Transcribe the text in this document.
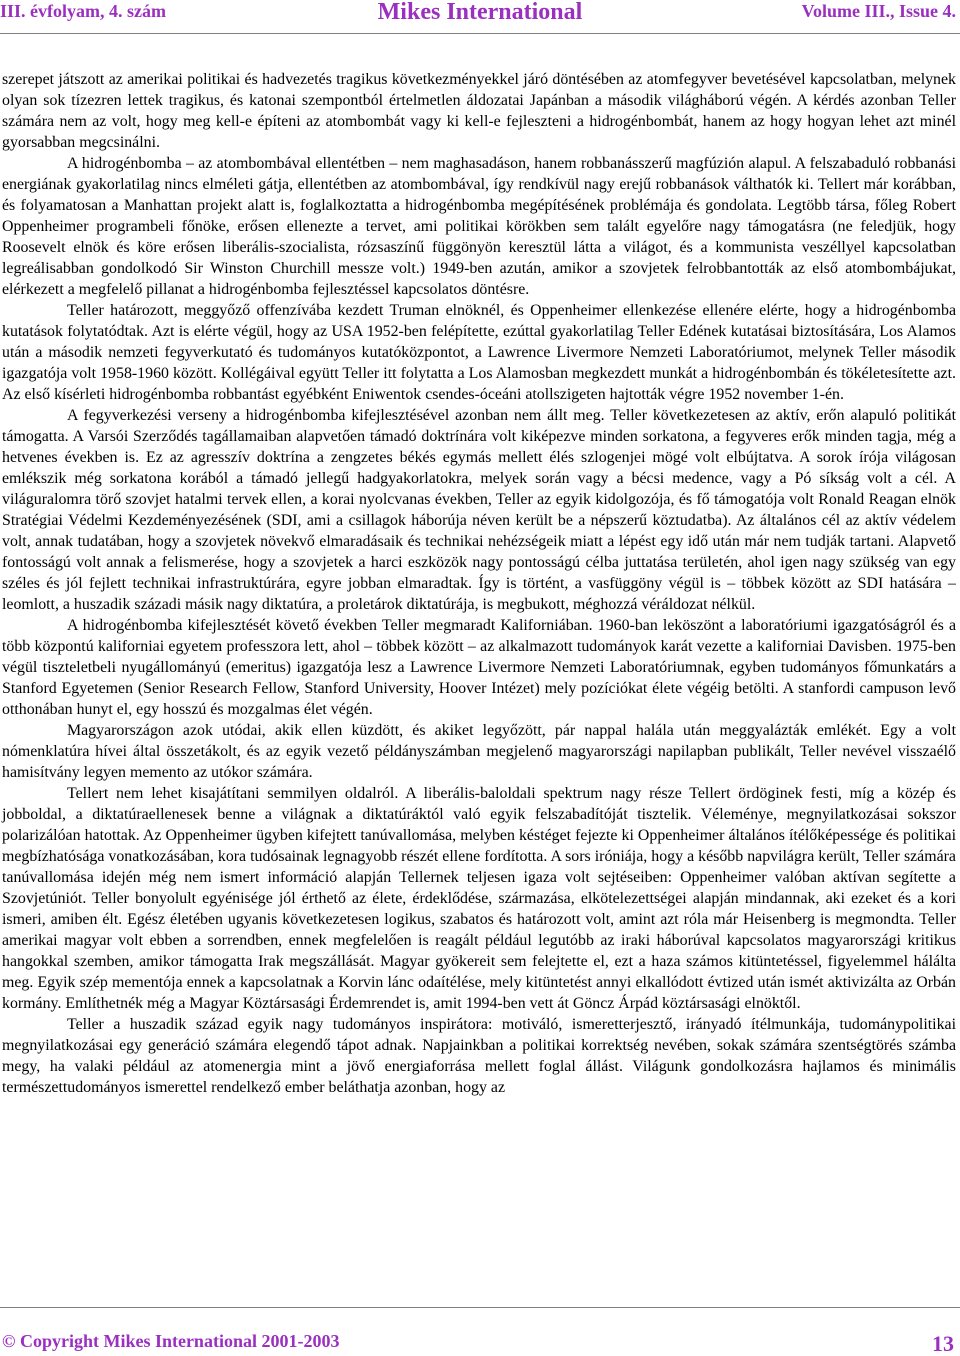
III. évfolyam, 4. szám	Mikes International	Volume III., Issue 4.

szerepet játszott az amerikai politikai és hadvezetés tragikus következményekkel járó döntésében az atomfegyver bevetésével kapcsolatban, melynek olyan sok tízezren lettek tragikus, és katonai szempontból értelmetlen áldozatai Japánban a második világháború végén. A kérdés azonban Teller számára nem az volt, hogy meg kell-e építeni az atombombát vagy ki kell-e fejleszteni a hidrogénbombát, hanem az hogy hogyan lehet azt minél gyorsabban megcsinálni.

A hidrogénbomba – az atombombával ellentétben – nem maghasadáson, hanem robbanásszerű magfúzión alapul. A felszabaduló robbanási energiának gyakorlatilag nincs elméleti gátja, ellentétben az atombombával, így rendkívül nagy erejű robbanások válthatók ki. Tellert már korábban, és folyamatosan a Manhattan projekt alatt is, foglalkoztatta a hidrogénbomba megépítésének problémája és gondolata. Legtöbb társa, főleg Robert Oppenheimer programbeli főnöke, erősen ellenezte a tervet, ami politikai körökben sem talált egyelőre nagy támogatásra (ne feledjük, hogy Roosevelt elnök és köre erősen liberális-szocialista, rózsaszínű függönyön keresztül látta a világot, és a kommunista veszéllyel kapcsolatban legreálisabban gondolkodó Sir Winston Churchill messze volt.) 1949-ben azután, amikor a szovjetek felrobbantották az első atombombájukat, elérkezett a megfelelő pillanat a hidrogénbomba fejlesztéssel kapcsolatos döntésre.

Teller határozott, meggyőző offenzívába kezdett Truman elnöknél, és Oppenheimer ellenkezése ellenére elérte, hogy a hidrogénbomba kutatások folytatódtak. Azt is elérte végül, hogy az USA 1952-ben felépítette, ezúttal gyakorlatilag Teller Edének kutatásai biztosítására, Los Alamos után a második nemzeti fegyverkutató és tudományos kutatóközpontot, a Lawrence Livermore Nemzeti Laboratóriumot, melynek Teller második igazgatója volt 1958-1960 között. Kollégáival együtt Teller itt folytatta a Los Alamosban megkezdett munkát a hidrogénbombán és tökéletesítette azt. Az első kísérleti hidrogénbomba robbantást egyébként Eniwentok csendes-óceáni atollszigeten hajtották végre 1952 november 1-én.

A fegyverkezési verseny a hidrogénbomba kifejlesztésével azonban nem állt meg. Teller következetesen az aktív, erőn alapuló politikát támogatta. A Varsói Szerződés tagállamaiban alapvetően támadó doktrínára volt kiképezve minden sorkatona, a fegyveres erők minden tagja, még a hetvenes években is. Ez az agresszív doktrína a zengzetes békés egymás mellett élés szlogenjei mögé volt elbújtatva. A sorok írója világosan emlékszik még sorkatona korából a támadó jellegű hadgyakorlatokra, melyek során vagy a bécsi medence, vagy a Pó síkság volt a cél. A világuralomra törő szovjet hatalmi tervek ellen, a korai nyolcvanas években, Teller az egyik kidolgozója, és fő támogatója volt Ronald Reagan elnök Stratégiai Védelmi Kezdeményezésének (SDI, ami a csillagok háborúja néven került be a népszerű köztudatba). Az általános cél az aktív védelem volt, annak tudatában, hogy a szovjetek növekvő elmaradásaik és technikai nehézségeik miatt a lépést egy idő után már nem tudják tartani. Alapvető fontosságú volt annak a felismerése, hogy a szovjetek a harci eszközök nagy pontosságú célba juttatása területén, ahol igen nagy szükség van egy széles és jól fejlett technikai infrastruktúrára, egyre jobban elmaradtak. Így is történt, a vasfüggöny végül is – többek között az SDI hatására – leomlott, a huszadik századi másik nagy diktatúra, a proletárok diktatúrája, is megbukott, méghozzá véráldozat nélkül.

A hidrogénbomba kifejlesztését követő években Teller megmaradt Kaliforniában. 1960-ban leköszönt a laboratóriumi igazgatóságról és a több központú kaliforniai egyetem professzora lett, ahol – többek között – az alkalmazott tudományok karát vezette a kaliforniai Davisben. 1975-ben végül tiszteletbeli nyugállományú (emeritus) igazgatója lesz a Lawrence Livermore Nemzeti Laboratóriumnak, egyben tudományos főmunkatárs a Stanford Egyetemen (Senior Research Fellow, Stanford University, Hoover Intézet) mely pozíciókat élete végéig betölti. A stanfordi campuson levő otthonában hunyt el, egy hosszú és mozgalmas élet végén.

Magyarországon azok utódai, akik ellen küzdött, és akiket legyőzött, pár nappal halála után meggyalázták emlékét. Egy a volt nómenklatúra hívei által összetákolt, és az egyik vezető példányszámban megjelenő magyarországi napilapban publikált, Teller nevével visszaélő hamisítvány legyen memento az utókor számára.

Tellert nem lehet kisajátítani semmilyen oldalról. A liberális-baloldali spektrum nagy része Tellert ördöginek festi, míg a közép és jobboldal, a diktatúraellenesek benne a világnak a diktatúráktól való egyik felszabadítóját tisztelik. Véleménye, megnyilatkozásai sokszor polarizálóan hatottak. Az Oppenheimer ügyben kifejtett tanúvallomása, melyben késtéget fejezte ki Oppenheimer általános ítélőképessége és politikai megbízhatósága vonatkozásában, kora tudósainak legnagyobb részét ellene fordította. A sors iróniája, hogy a később napvilágra került, Teller számára tanúvallomása idején még nem ismert információ alapján Tellernek teljesen igaza volt sejtéseiben: Oppenheimer valóban aktívan segítette a Szovjetúniót. Teller bonyolult egyénisége jól érthető az élete, érdeklődése, származása, elkötelezettségei alapján mindannak, aki ezeket és a kori ismeri, amiben élt. Egész életében ugyanis következetesen logikus, szabatos és határozott volt, amint azt róla már Heisenberg is megmondta. Teller amerikai magyar volt ebben a sorrendben, ennek megfelelően is reagált például legutóbb az iraki háborúval kapcsolatos magyarországi kritikus hangokkal szemben, amikor támogatta Irak megszállását. Magyar gyökereit sem felejtette el, ezt a haza számos kitüntetéssel, figyelemmel hálálta meg. Egyik szép mementója ennek a kapcsolatnak a Korvin lánc odaítélése, mely kitüntetést annyi elkallódott évtized után ismét aktivizálta az Orbán kormány. Említhetnék még a Magyar Köztársasági Érdemrendet is, amit 1994-ben vett át Göncz Árpád köztársasági elnöktől.

Teller a huszadik század egyik nagy tudományos inspirátora: motiváló, ismeretterjesztő, irányadó ítélmunkája, tudománypolitikai megnyilatkozásai egy generáció számára elegendő tápot adnak. Napjainkban a politikai korrektség nevében, sokak számára szentségtörés számba megy, ha valaki például az atomenergia mint a jövő energiaforrása mellett foglal állást. Világunk gondolkozásra hajlamos és minimális természettudományos ismerettel rendelkező ember beláthatja azonban, hogy az

© Copyright Mikes International 2001-2003	13
